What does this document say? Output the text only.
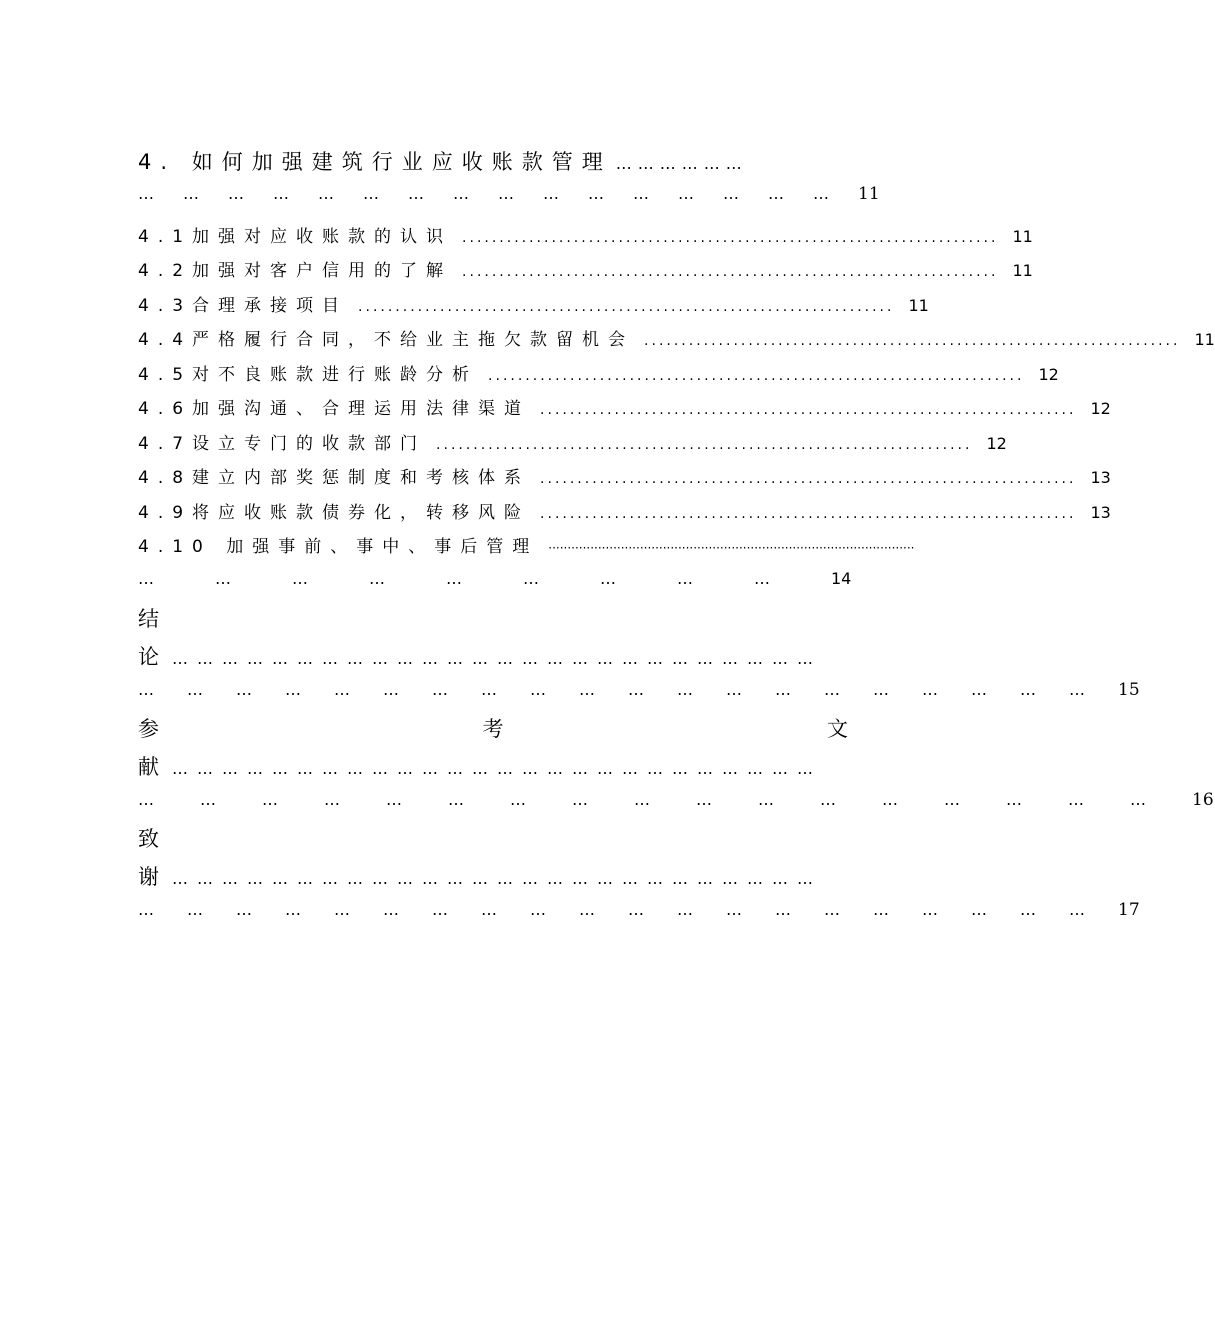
4. 如何加强建筑行业应收账款管理 ………………
………………………………………… 11
4.1加强对应收账款的认识 ........................................................................ 11
4.2加强对客户信用的了解 ........................................................................ 11
4.3合理承接项目 ........................................................................ 11
4.4严格履行合同，不给业主拖欠款留机会 ........................................................................ 11
4.5对不良账款进行账龄分析 ........................................................................ 12
4.6加强沟通、合理运用法律渠道 ........................................................................ 12
4.7设立专门的收款部门 ........................................................................ 12
4.8建立内部奖惩制度和考核体系 ........................................................................ 13
4.9将应收账款债券化，转移风险 ........................................................................ 13
4.10 加强事前、事中、事后管理 ································································································
……………………… 14
结
论 ……………………………………………………………………
…………………………………………………… 15
参	考	文
献 ……………………………………………………………………
…………………………………………… 16
致
谢 ……………………………………………………………………
…………………………………………………… 17
